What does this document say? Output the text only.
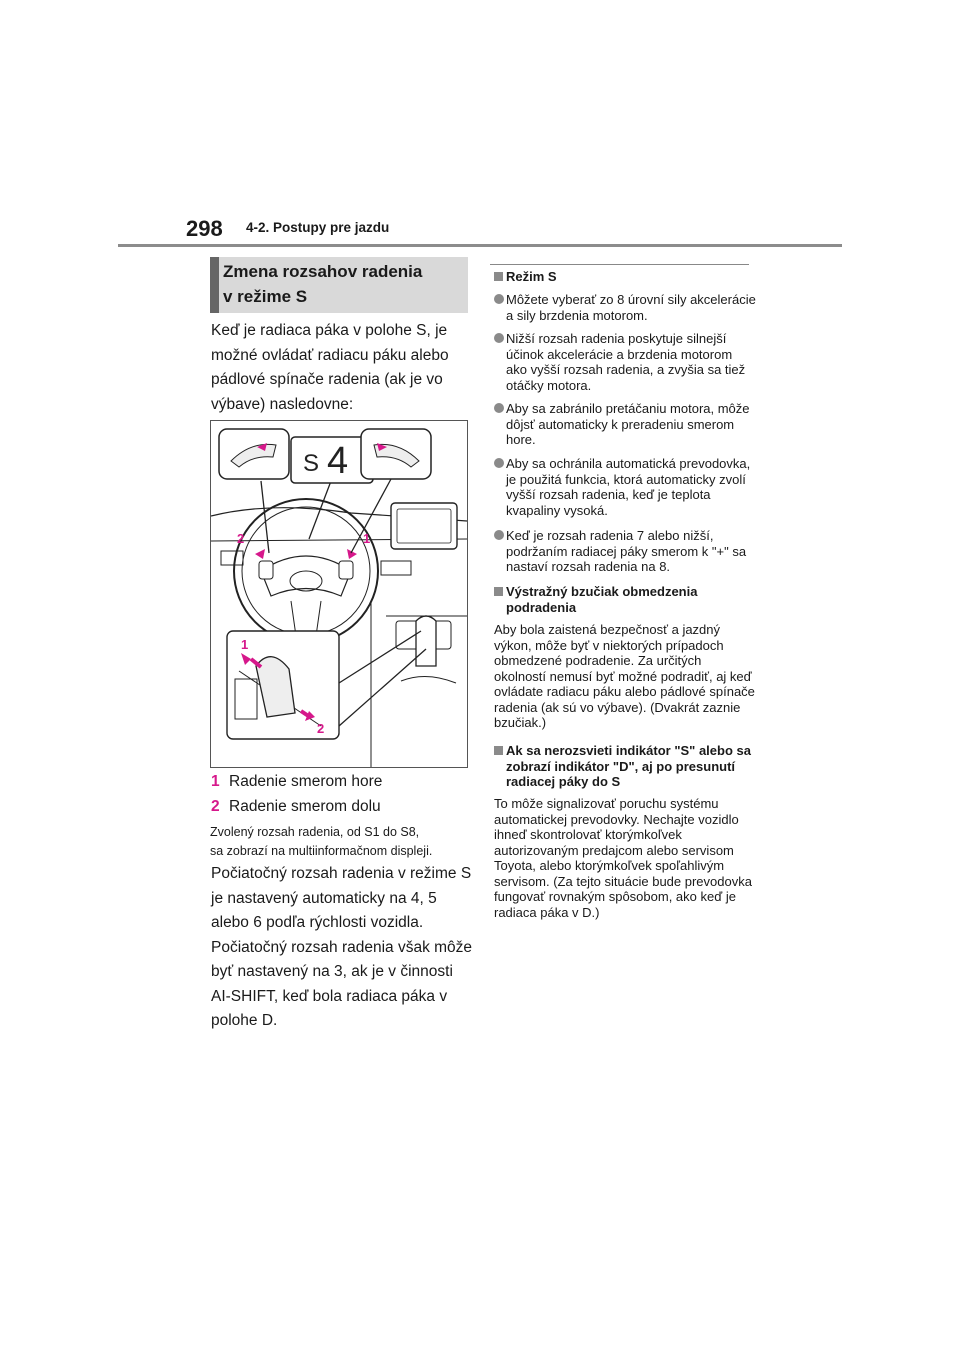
298 4-2. Postupy pre jazdu
Zmena rozsahov radenia
v režime S
Keď je radiaca páka v polohe S, je možné ovládať radiacu páku alebo pádlové spínače radenia (ak je vo výbave) nasledovne:
S 4
2	1
1
2
1 Radenie smerom hore
2 Radenie smerom dolu
Zvolený rozsah radenia, od S1 do S8,
sa zobrazí na multiinformačnom displeji.
Počiatočný rozsah radenia v režime S je nastavený automaticky na 4, 5 alebo 6 podľa rýchlosti vozidla. Počiatočný rozsah radenia však môže byť nastavený na 3, ak je v činnosti AI-SHIFT, keď bola radiaca páka v polohe D.
Režim S
Môžete vyberať zo 8 úrovní sily akcelerácie a sily brzdenia motorom.
Nižší rozsah radenia poskytuje silnejší účinok akcelerácie a brzdenia motorom ako vyšší rozsah radenia, a zvyšia sa tiež otáčky motora.
Aby sa zabránilo pretáčaniu motora, môže dôjsť automaticky k preradeniu smerom hore.
Aby sa ochránila automatická prevodovka, je použitá funkcia, ktorá automaticky zvolí vyšší rozsah radenia, keď je teplota kvapaliny vysoká.
Keď je rozsah radenia 7 alebo nižší, podržaním radiacej páky smerom k "+" sa nastaví rozsah radenia na 8.
Výstražný bzučiak obmedzenia podradenia
Aby bola zaistená bezpečnosť a jazdný výkon, môže byť v niektorých prípadoch obmedzené podradenie. Za určitých okolností nemusí byť možné podradiť, aj keď ovládate radiacu páku alebo pádlové spínače radenia (ak sú vo výbave). (Dvakrát zaznie bzučiak.)
Ak sa nerozsvieti indikátor "S" alebo sa zobrazí indikátor "D", aj po presunutí radiacej páky do S
To môže signalizovať poruchu systému automatickej prevodovky. Nechajte vozidlo ihneď skontrolovať ktorýmkoľvek autorizovaným predajcom alebo servisom Toyota, alebo ktorýmkoľvek spoľahlivým servisom. (Za tejto situácie bude prevodovka fungovať rovnakým spôsobom, ako keď je radiaca páka v D.)
